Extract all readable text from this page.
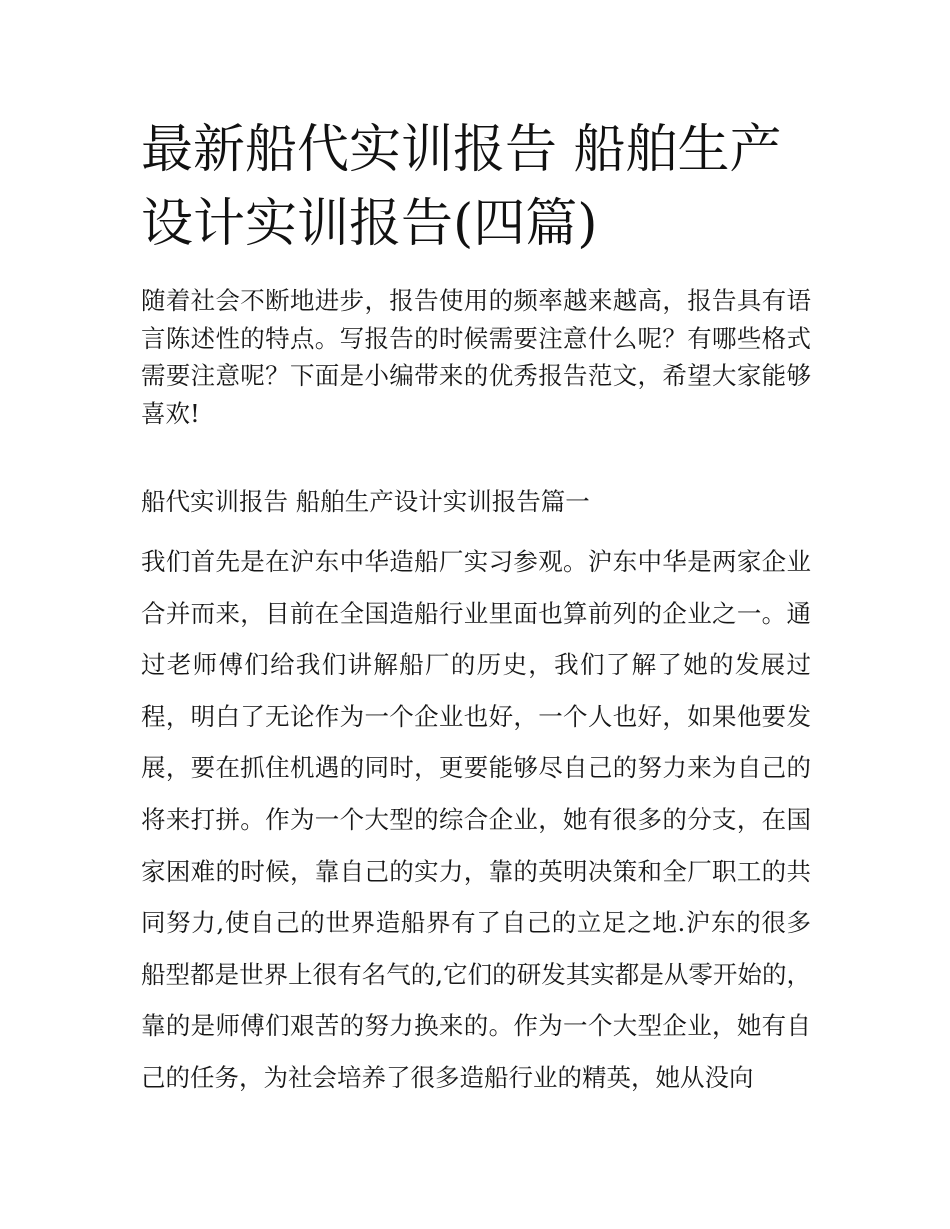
最新船代实训报告 船舶生产设计实训报告(四篇)

随着社会不断地进步，报告使用的频率越来越高，报告具有语言陈述性的特点。写报告的时候需要注意什么呢？有哪些格式需要注意呢？下面是小编带来的优秀报告范文，希望大家能够喜欢!

船代实训报告 船舶生产设计实训报告篇一

我们首先是在沪东中华造船厂实习参观。沪东中华是两家企业合并而来，目前在全国造船行业里面也算前列的企业之一。通过老师傅们给我们讲解船厂的历史，我们了解了她的发展过程，明白了无论作为一个企业也好，一个人也好，如果他要发展，要在抓住机遇的同时，更要能够尽自己的努力来为自己的将来打拼。作为一个大型的综合企业，她有很多的分支，在国家困难的时候，靠自己的实力，靠的英明决策和全厂职工的共同努力,使自己的世界造船界有了自己的立足之地.沪东的很多船型都是世界上很有名气的,它们的研发其实都是从零开始的，靠的是师傅们艰苦的努力换来的。作为一个大型企业，她有自己的任务，为社会培养了很多造船行业的精英，她从没向
